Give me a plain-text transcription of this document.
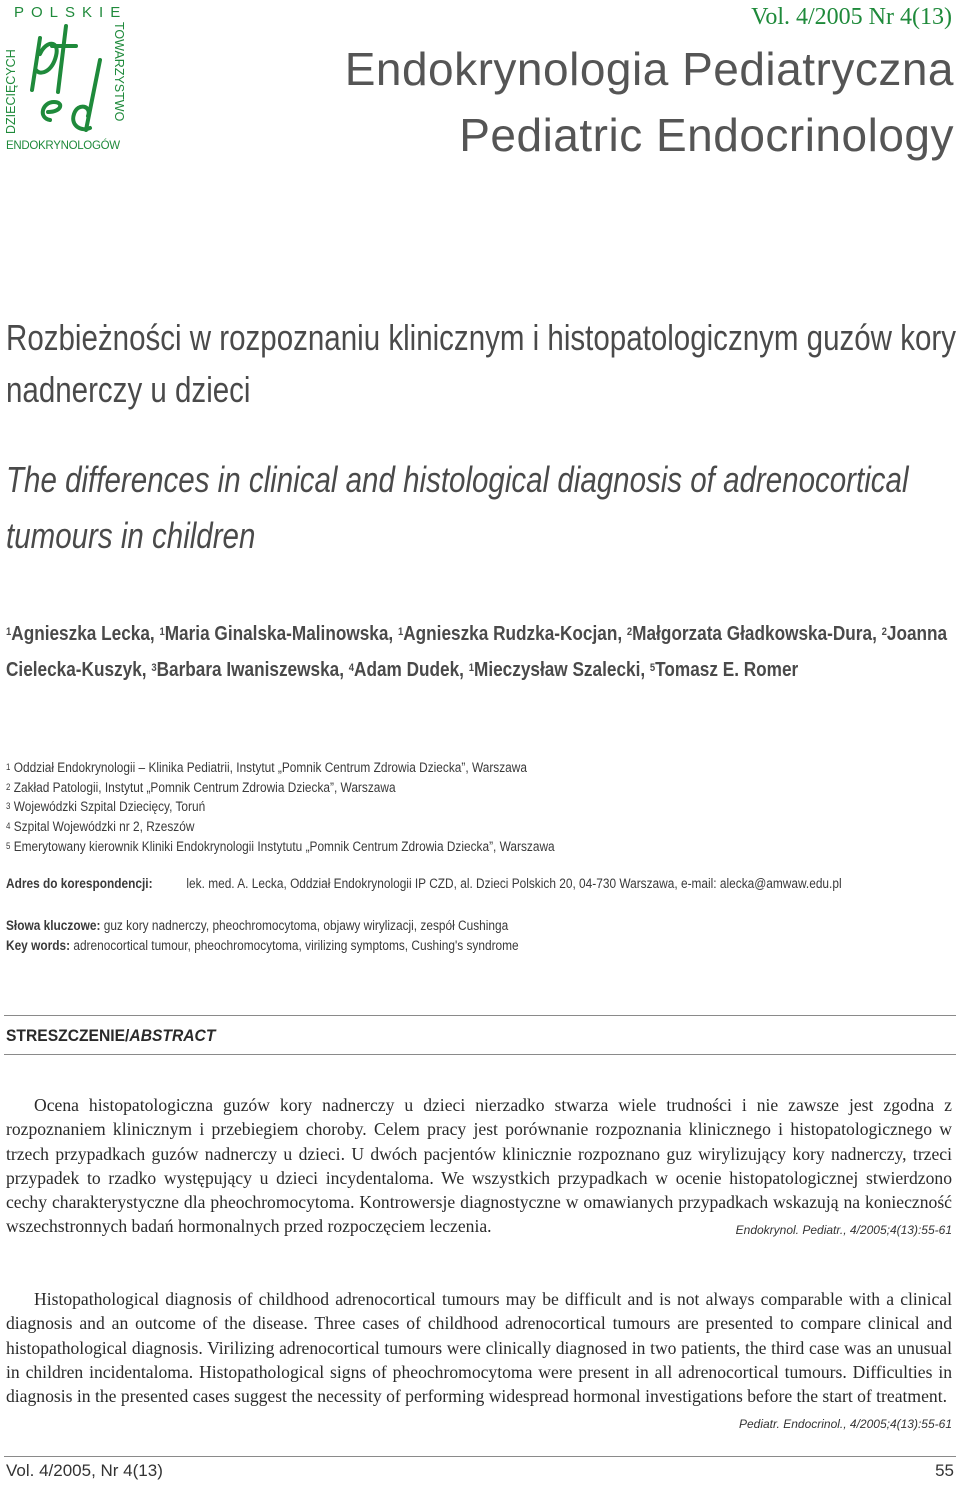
POLSKIE
DZIECIĘCYCH	TOWARZYSTWO
ENDOKRYNOLOGÓW
Vol. 4/2005 Nr 4(13)
Endokrynologia Pediatryczna
Pediatric Endocrinology
Rozbieżności w rozpoznaniu klinicznym i histopatologicznym guzów kory
nadnerczy u dzieci
The differences in clinical and histological diagnosis of adrenocortical
tumours in children
$^1$Agnieszka Lecka, $^1$Maria Ginalska-Malinowska, $^1$Agnieszka Rudzka-Kocjan, $^2$Małgorzata Gładkowska-Dura, $^2$Joanna Cielecka-Kuszyk, $^3$Barbara Iwaniszewska, $^4$Adam Dudek, $^1$Mieczysław Szalecki, $^5$Tomasz E. Romer
$^1$ Oddział Endokrynologii – Klinika Pediatrii, Instytut „Pomnik Centrum Zdrowia Dziecka”, Warszawa
$^2$ Zakład Patologii, Instytut „Pomnik Centrum Zdrowia Dziecka”, Warszawa
$^3$ Wojewódzki Szpital Dziecięcy, Toruń
$^4$ Szpital Wojewódzki nr 2, Rzeszów
$^5$ Emerytowany kierownik Kliniki Endokrynologii Instytutu „Pomnik Centrum Zdrowia Dziecka”, Warszawa
Adres do korespondencji:	lek. med. A. Lecka, Oddział Endokrynologii IP CZD, al. Dzieci Polskich 20, 04-730 Warszawa, e-mail: alecka@amwaw.edu.pl
Słowa kluczowe: guz kory nadnerczy, pheochromocytoma, objawy wirylizacji, zespół Cushinga
Key words: adrenocortical tumour, pheochromocytoma, virilizing symptoms, Cushing's syndrome
STRESZCZENIE/ABSTRACT
Ocena histopatologiczna guzów kory nadnerczy u dzieci nierzadko stwarza wiele trudności i nie zawsze jest zgodna z rozpoznaniem klinicznym i przebiegiem choroby. Celem pracy jest porównanie rozpoznania klinicznego i histopatologicznego w trzech przypadkach guzów nadnerczy u dzieci. U dwóch pacjentów klinicznie rozpoznano guz wirylizujący kory nadnerczy, trzeci przypadek to rzadko występujący u dzieci incydentaloma. We wszystkich przypadkach w ocenie histopatologicznej stwierdzono cechy charakterystyczne dla pheochromocytoma. Kontrowersje diagnostyczne w omawianych przypadkach wskazują na konieczność wszechstronnych badań hormonalnych przed rozpoczęciem leczenia.	Endokrynol. Pediatr., 4/2005;4(13):55-61
Histopathological diagnosis of childhood adrenocortical tumours may be difficult and is not always comparable with a clinical diagnosis and an outcome of the disease. Three cases of childhood adrenocortical tumours are presented to compare clinical and histopathological diagnosis. Virilizing adrenocortical tumours were clinically diagnosed in two patients, the third case was an unusual in children incidentaloma. Histopathological signs of pheochromocytoma were present in all adrenocortical tumours. Difficulties in diagnosis in the presented cases suggest the necessity of performing widespread hormonal investigations before the start of treatment.
Pediatr. Endocrinol., 4/2005;4(13):55-61
Vol. 4/2005, Nr 4(13)	55
